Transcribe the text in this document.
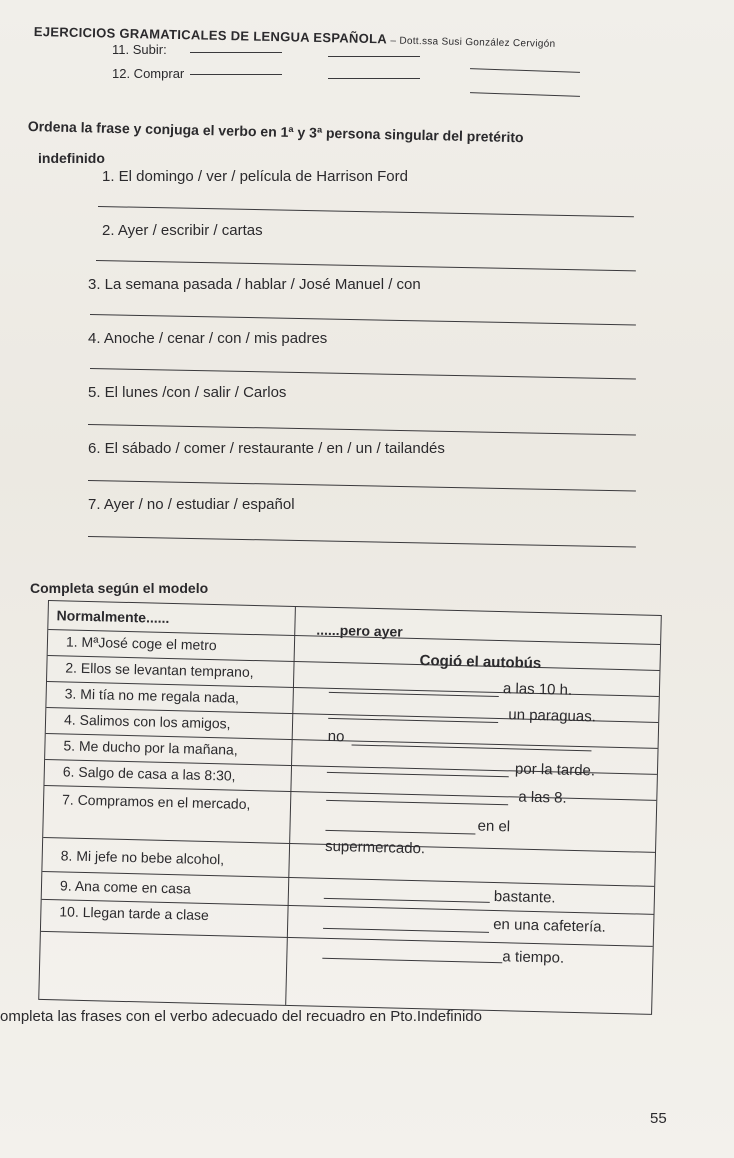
EJERCICIOS GRAMATICALES DE LENGUA ESPAÑOLA – Dott.ssa Susi González Cervigón
11. Subir:
12. Comprar
Ordena la frase y conjuga el verbo en 1ª y 3ª persona singular del pretérito
indefinido
1. El domingo / ver / película de Harrison Ford
2. Ayer / escribir / cartas
3. La semana pasada / hablar / José Manuel / con
4. Anoche / cenar / con / mis padres
5. El lunes /con / salir / Carlos
6. El sábado / comer / restaurante / en / un / tailandés
7. Ayer / no / estudiar / español
Completa según el modelo
Normalmente......
......pero ayer
1. MªJosé coge el metro
2. Ellos se levantan temprano,
3. Mi tía no me regala nada,
4. Salimos con los amigos,
5. Me ducho por la mañana,
6. Salgo de casa a las 8:30,
7. Compramos en el mercado,
8. Mi jefe no bebe alcohol,
9. Ana come en casa
10. Llegan tarde a clase
Cogió el autobús
a las 10 h.
un paraguas.
no
por la tarde.
a las 8.
en el
supermercado.
bastante.
en una cafetería.
a tiempo.
ompleta las frases con el verbo adecuado del recuadro en Pto.Indefinido
55
